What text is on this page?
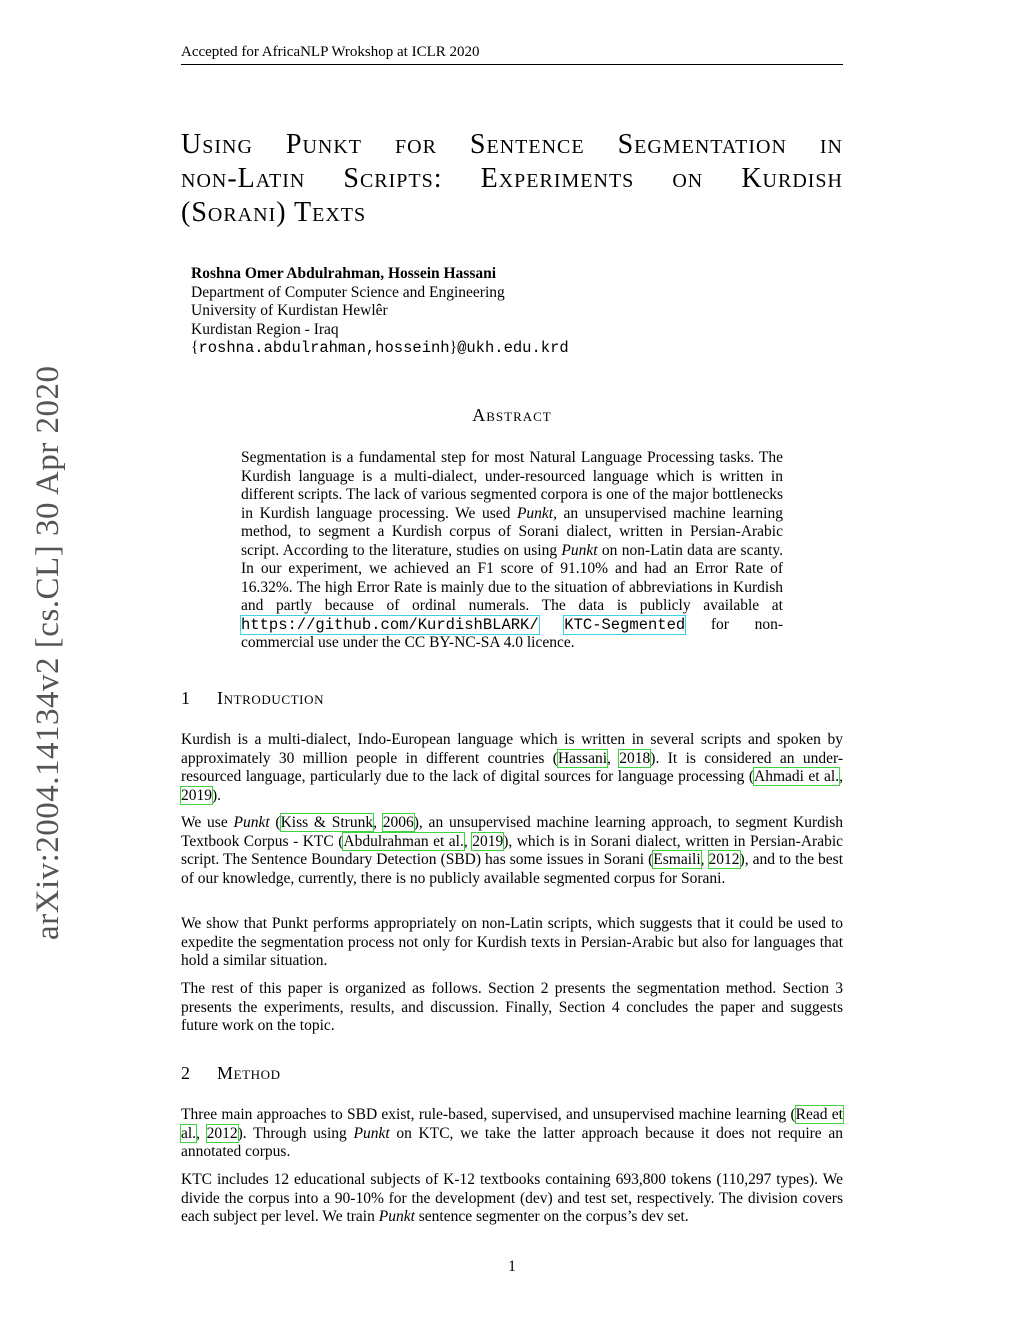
Accepted for AfricaNLP Wrokshop at ICLR 2020
arXiv:2004.14134v2 [cs.CL] 30 Apr 2020
Using Punkt for Sentence Segmentation in
non-Latin Scripts: Experiments on Kurdish
(Sorani) Texts
Roshna Omer Abdulrahman, Hossein Hassani
Department of Computer Science and Engineering
University of Kurdistan Hewlêr
Kurdistan Region - Iraq
{roshna.abdulrahman,hosseinh}@ukh.edu.krd
Abstract
Segmentation is a fundamental step for most Natural Language Processing tasks. The Kurdish language is a multi-dialect, under-resourced language which is written in different scripts. The lack of various segmented corpora is one of the major bottlenecks in Kurdish language processing. We used Punkt, an unsupervised machine learning method, to segment a Kurdish corpus of Sorani dialect, written in Persian-Arabic script. According to the literature, studies on using Punkt on non-Latin data are scanty. In our experiment, we achieved an F1 score of 91.10% and had an Error Rate of 16.32%. The high Error Rate is mainly due to the situation of abbreviations in Kurdish and partly because of ordinal numerals. The data is publicly available at https://github.com/KurdishBLARK/ KTC-Segmented for non-commercial use under the CC BY-NC-SA 4.0 licence.
1 Introduction
Kurdish is a multi-dialect, Indo-European language which is written in several scripts and spoken by approximately 30 million people in different countries (Hassani, 2018). It is considered an under-resourced language, particularly due to the lack of digital sources for language processing (Ahmadi et al., 2019).
We use Punkt (Kiss & Strunk, 2006), an unsupervised machine learning approach, to segment Kurdish Textbook Corpus - KTC (Abdulrahman et al., 2019), which is in Sorani dialect, written in Persian-Arabic script. The Sentence Boundary Detection (SBD) has some issues in Sorani (Esmaili, 2012), and to the best of our knowledge, currently, there is no publicly available segmented corpus for Sorani.
We show that Punkt performs appropriately on non-Latin scripts, which suggests that it could be used to expedite the segmentation process not only for Kurdish texts in Persian-Arabic but also for languages that hold a similar situation.
The rest of this paper is organized as follows. Section 2 presents the segmentation method. Section 3 presents the experiments, results, and discussion. Finally, Section 4 concludes the paper and suggests future work on the topic.
2 Method
Three main approaches to SBD exist, rule-based, supervised, and unsupervised machine learning (Read et al., 2012). Through using Punkt on KTC, we take the latter approach because it does not require an annotated corpus.
KTC includes 12 educational subjects of K-12 textbooks containing 693,800 tokens (110,297 types). We divide the corpus into a 90-10% for the development (dev) and test set, respectively. The division covers each subject per level. We train Punkt sentence segmenter on the corpus’s dev set.
1
